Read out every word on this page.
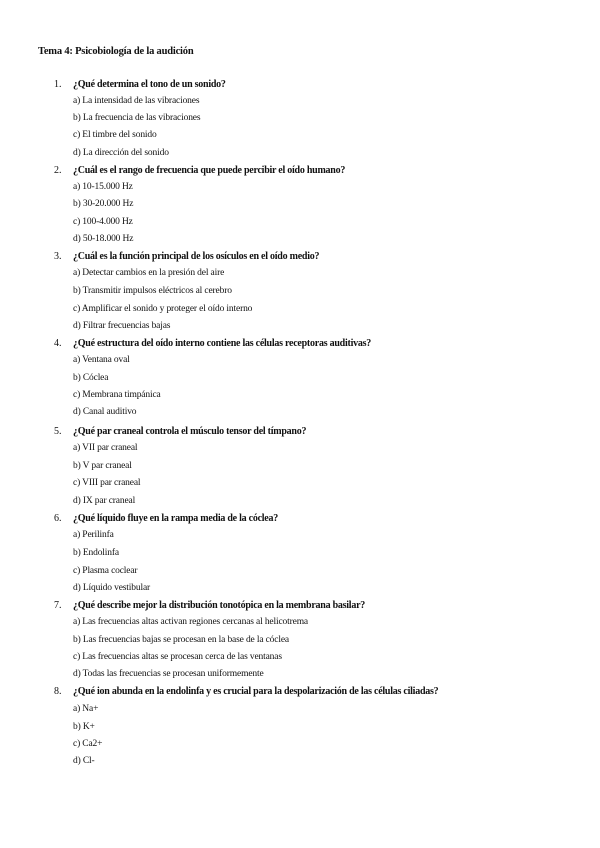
Tema 4: Psicobiología de la audición
1. ¿Qué determina el tono de un sonido?
a) La intensidad de las vibraciones
b) La frecuencia de las vibraciones
c) El timbre del sonido
d) La dirección del sonido
2. ¿Cuál es el rango de frecuencia que puede percibir el oído humano?
a) 10-15.000 Hz
b) 30-20.000 Hz
c) 100-4.000 Hz
d) 50-18.000 Hz
3. ¿Cuál es la función principal de los osículos en el oído medio?
a) Detectar cambios en la presión del aire
b) Transmitir impulsos eléctricos al cerebro
c) Amplificar el sonido y proteger el oído interno
d) Filtrar frecuencias bajas
4. ¿Qué estructura del oído interno contiene las células receptoras auditivas?
a) Ventana oval
b) Cóclea
c) Membrana timpánica
d) Canal auditivo
5. ¿Qué par craneal controla el músculo tensor del tímpano?
a) VII par craneal
b) V par craneal
c) VIII par craneal
d) IX par craneal
6. ¿Qué líquido fluye en la rampa media de la cóclea?
a) Perilinfa
b) Endolinfa
c) Plasma coclear
d) Líquido vestibular
7. ¿Qué describe mejor la distribución tonotópica en la membrana basilar?
a) Las frecuencias altas activan regiones cercanas al helicotrema
b) Las frecuencias bajas se procesan en la base de la cóclea
c) Las frecuencias altas se procesan cerca de las ventanas
d) Todas las frecuencias se procesan uniformemente
8. ¿Qué ion abunda en la endolinfa y es crucial para la despolarización de las células ciliadas?
a) Na+
b) K+
c) Ca2+
d) Cl-
